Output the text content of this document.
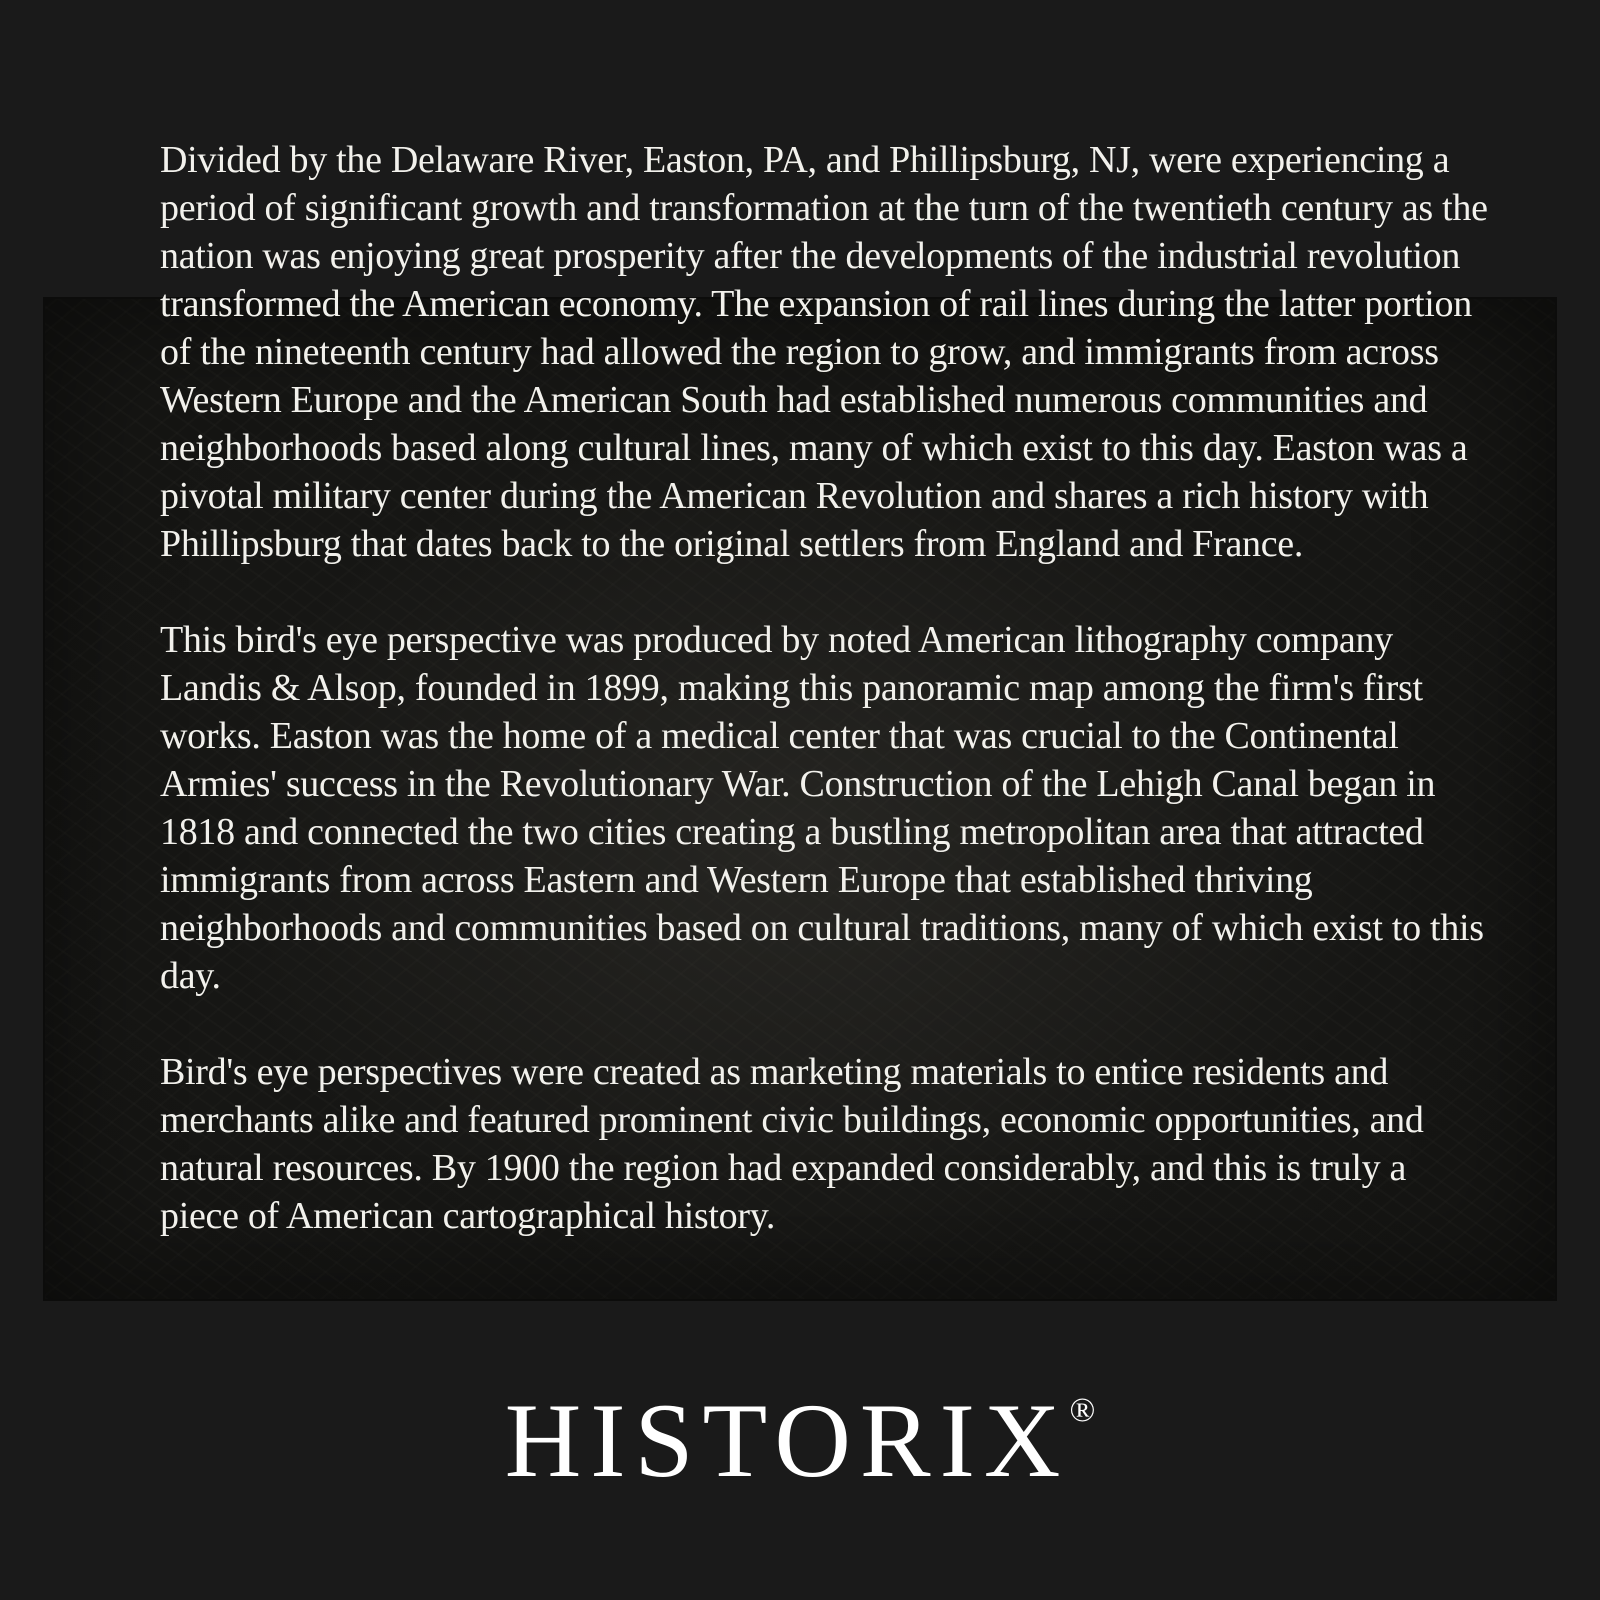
Divided by the Delaware River, Easton, PA, and Phillipsburg, NJ, were experiencing a period of significant growth and transformation at the turn of the twentieth century as the nation was enjoying great prosperity after the developments of the industrial revolution transformed the American economy. The expansion of rail lines during the latter portion of the nineteenth century had allowed the region to grow, and immigrants from across Western Europe and the American South had established numerous communities and neighborhoods based along cultural lines, many of which exist to this day. Easton was a pivotal military center during the American Revolution and shares a rich history with Phillipsburg that dates back to the original settlers from England and France.

This bird's eye perspective was produced by noted American lithography company Landis & Alsop, founded in 1899, making this panoramic map among the firm's first works. Easton was the home of a medical center that was crucial to the Continental Armies' success in the Revolutionary War. Construction of the Lehigh Canal began in 1818 and connected the two cities creating a bustling metropolitan area that attracted immigrants from across Eastern and Western Europe that established thriving neighborhoods and communities based on cultural traditions, many of which exist to this day.

Bird's eye perspectives were created as marketing materials to entice residents and merchants alike and featured prominent civic buildings, economic opportunities, and natural resources. By 1900 the region had expanded considerably, and this is truly a piece of American cartographical history.

HISTORIX®
